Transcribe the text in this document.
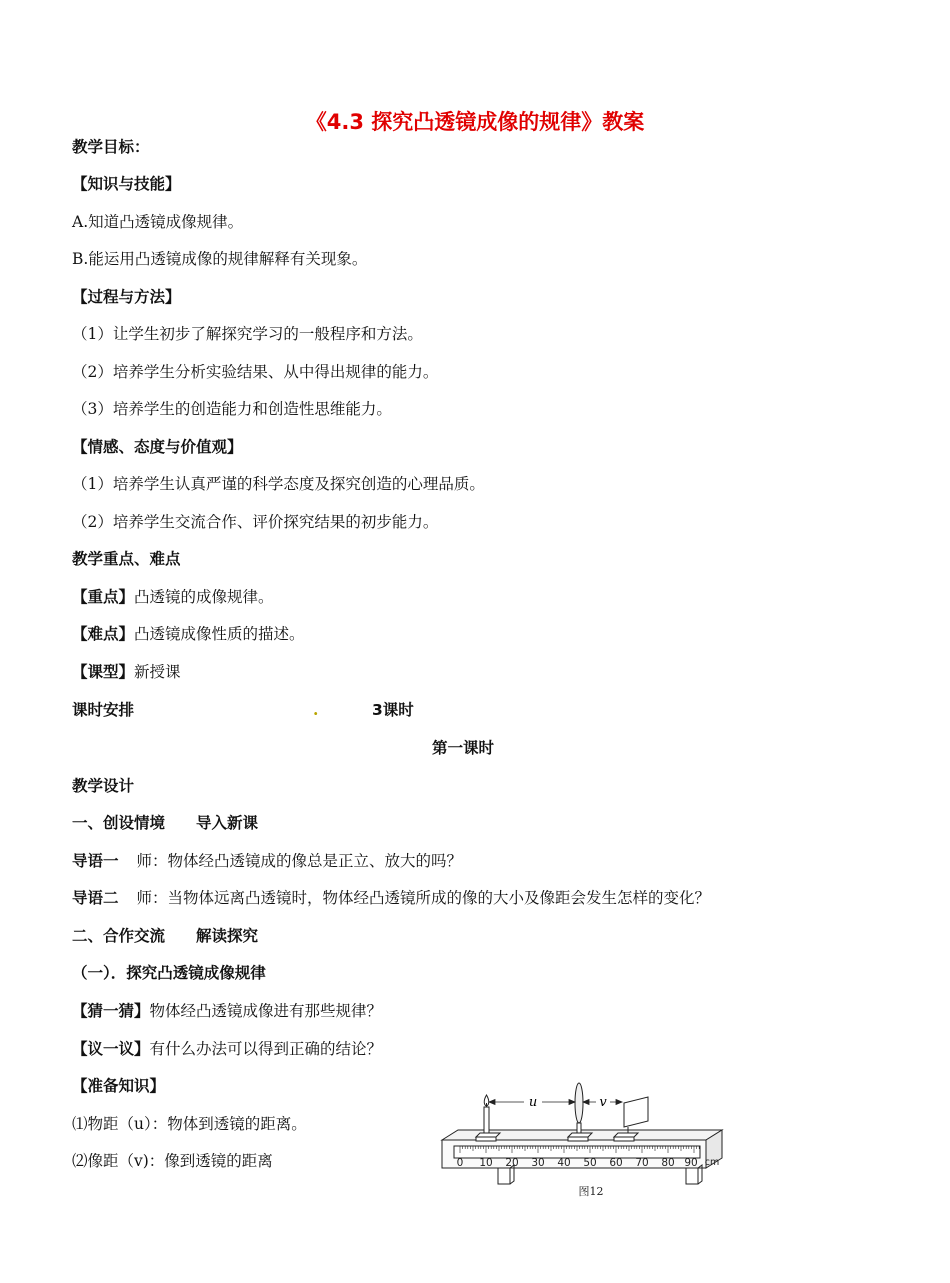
《4.3 探究凸透镜成像的规律》教案
教学目标：
【知识与技能】
A.知道凸透镜成像规律。
B.能运用凸透镜成像的规律解释有关现象。
【过程与方法】
（1）让学生初步了解探究学习的一般程序和方法。
（2）培养学生分析实验结果、从中得出规律的能力。
（3）培养学生的创造能力和创造性思维能力。
【情感、态度与价值观】
（1）培养学生认真严谨的科学态度及探究创造的心理品质。
（2）培养学生交流合作、评价探究结果的初步能力。
教学重点、难点
【重点】凸透镜的成像规律。
【难点】凸透镜成像性质的描述。
【课型】新授课
课时安排	.	3课时
第一课时
教学设计
一、创设情境　　导入新课
导语一 师：物体经凸透镜成的像总是正立、放大的吗？
导语二 师：当物体远离凸透镜时，物体经凸透镜所成的像的大小及像距会发生怎样的变化？
二、合作交流　　解读探究
（一）．探究凸透镜成像规律
【猜一猜】物体经凸透镜成像进有那些规律？
【议一议】有什么办法可以得到正确的结论？
【准备知识】
⑴物距（u）：物体到透镜的距离。
⑵像距（v)：像到透镜的距离
u	v
0 10 20 30 40 50 60 70 80 90 cm
图12
